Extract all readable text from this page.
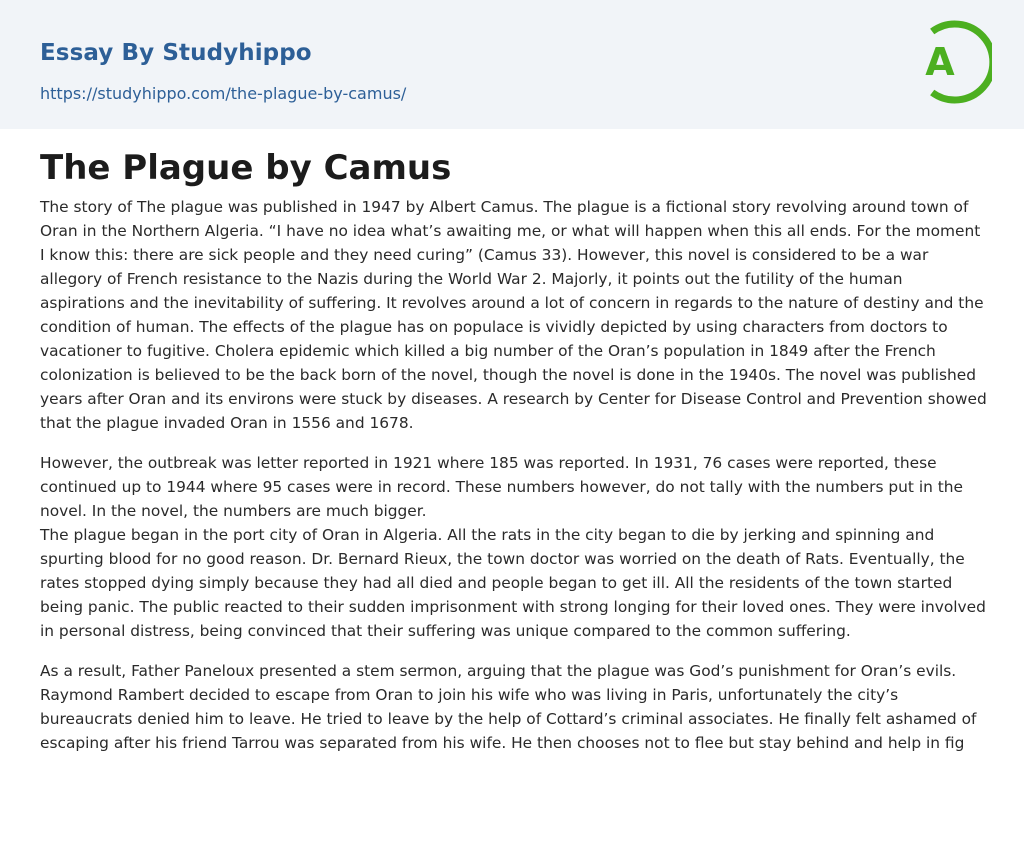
Essay By Studyhippo
https://studyhippo.com/the-plague-by-camus/
A
The Plague by Camus

The story of The plague was published in 1947 by Albert Camus. The plague is a fictional story revolving around town of Oran in the Northern Algeria. “I have no idea what’s awaiting me, or what will happen when this all ends. For the moment I know this: there are sick people and they need curing” (Camus 33). However, this novel is considered to be a war allegory of French resistance to the Nazis during the World War 2. Majorly, it points out the futility of the human aspirations and the inevitability of suffering. It revolves around a lot of concern in regards to the nature of destiny and the condition of human. The effects of the plague has on populace is vividly depicted by using characters from doctors to vacationer to fugitive. Cholera epidemic which killed a big number of the Oran’s population in 1849 after the French colonization is believed to be the back born of the novel, though the novel is done in the 1940s. The novel was published years after Oran and its environs were stuck by diseases. A research by Center for Disease Control and Prevention showed that the plague invaded Oran in 1556 and 1678.

However, the outbreak was letter reported in 1921 where 185 was reported. In 1931, 76 cases were reported, these continued up to 1944 where 95 cases were in record. These numbers however, do not tally with the numbers put in the novel. In the novel, the numbers are much bigger.

The plague began in the port city of Oran in Algeria. All the rats in the city began to die by jerking and spinning and spurting blood for no good reason. Dr. Bernard Rieux, the town doctor was worried on the death of Rats. Eventually, the rates stopped dying simply because they had all died and people began to get ill. All the residents of the town started being panic. The public reacted to their sudden imprisonment with strong longing for their loved ones. They were involved in personal distress, being convinced that their suffering was unique compared to the common suffering.

As a result, Father Paneloux presented a stem sermon, arguing that the plague was God’s punishment for Oran’s evils. Raymond Rambert decided to escape from Oran to join his wife who was living in Paris, unfortunately the city’s bureaucrats denied him to leave. He tried to leave by the help of Cottard’s criminal associates. He finally felt ashamed of escaping after his friend Tarrou was separated from his wife. He then chooses not to flee but stay behind and help in fig
